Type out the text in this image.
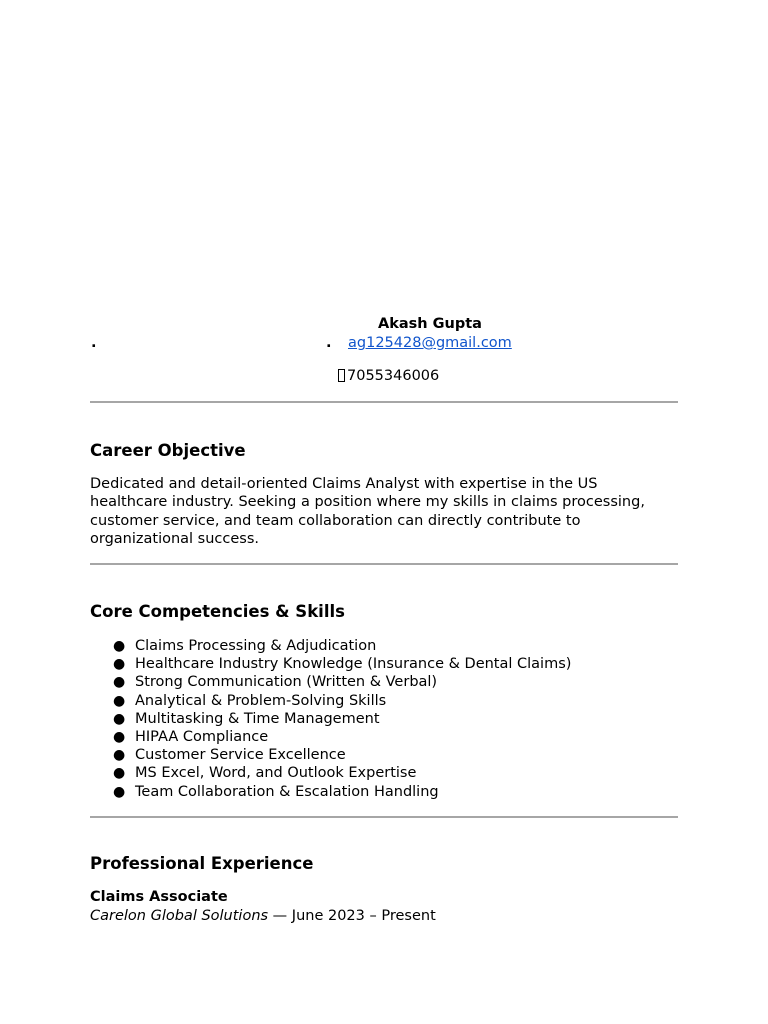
Akash Gupta
.	. ag125428@gmail.com
7055346006
Career Objective

Dedicated and detail-oriented Claims Analyst with expertise in the US healthcare industry. Seeking a position where my skills in claims processing, customer service, and team collaboration can directly contribute to organizational success.

Core Competencies & Skills
● Claims Processing & Adjudication
● Healthcare Industry Knowledge (Insurance & Dental Claims)
● Strong Communication (Written & Verbal)
● Analytical & Problem-Solving Skills
● Multitasking & Time Management
● HIPAA Compliance
● Customer Service Excellence
● MS Excel, Word, and Outlook Expertise
● Team Collaboration & Escalation Handling
Professional Experience
Claims Associate
Carelon Global Solutions — June 2023 – Present
